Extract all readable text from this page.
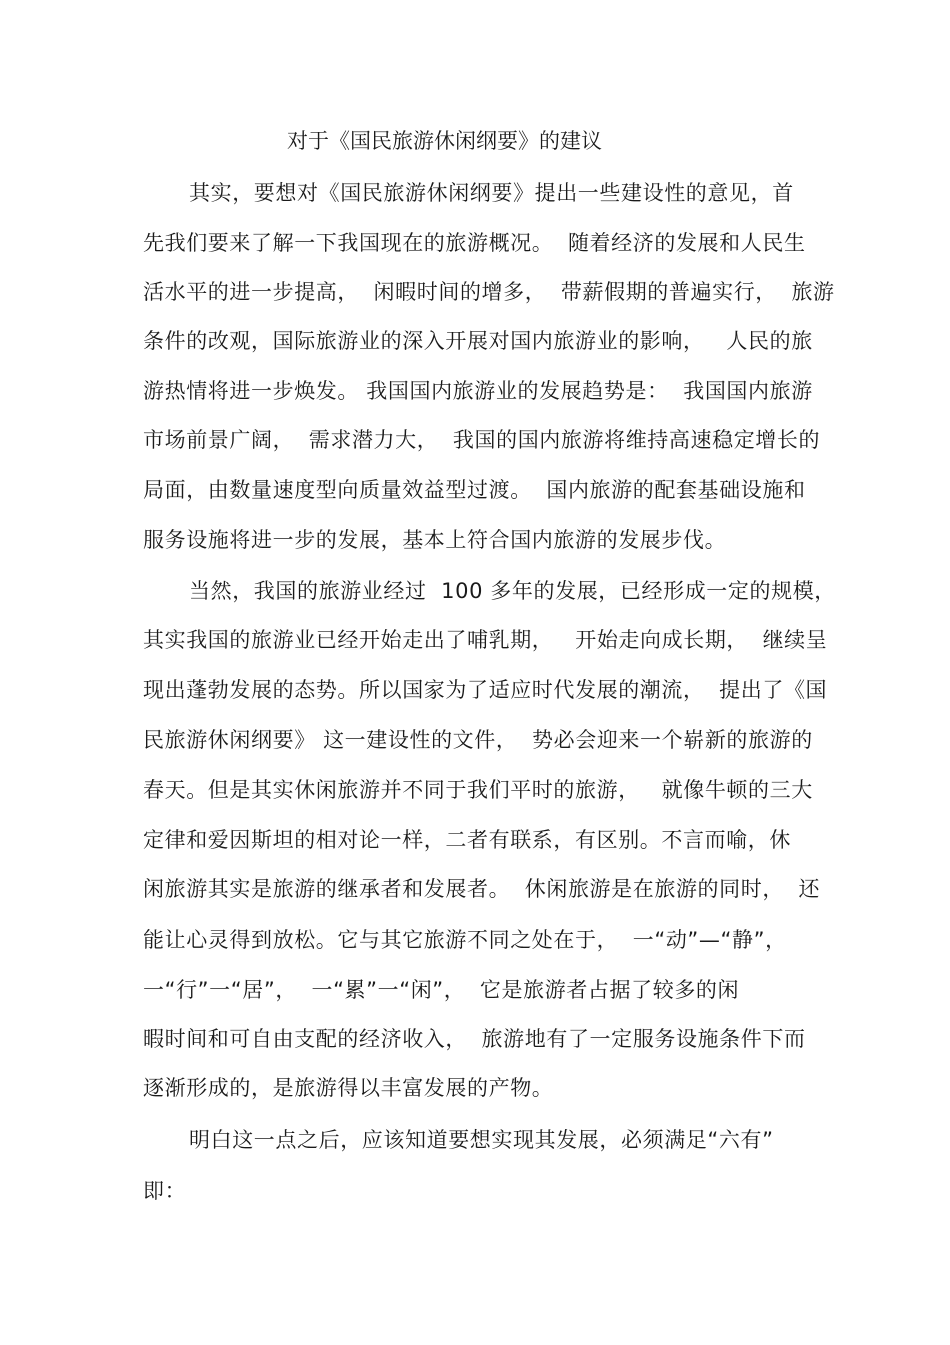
对于《国民旅游休闲纲要》的建议
其实，要想对《国民旅游休闲纲要》提出一些建设性的意见，首
先我们要来了解一下我国现在的旅游概况。  随着经济的发展和人民生
活水平的进一步提高，  闲暇时间的增多，  带薪假期的普遍实行，  旅游
条件的改观，国际旅游业的深入开展对国内旅游业的影响，   人民的旅
游热情将进一步焕发。 我国国内旅游业的发展趋势是：  我国国内旅游
市场前景广阔，  需求潜力大，  我国的国内旅游将维持高速稳定增长的
局面，由数量速度型向质量效益型过渡。  国内旅游的配套基础设施和
服务设施将进一步的发展，基本上符合国内旅游的发展步伐。
当然，我国的旅游业经过  100 多年的发展，已经形成一定的规模，
其实我国的旅游业已经开始走出了哺乳期，   开始走向成长期，  继续呈
现出蓬勃发展的态势。所以国家为了适应时代发展的潮流，  提出了《国
民旅游休闲纲要》 这一建设性的文件，  势必会迎来一个崭新的旅游的
春天。但是其实休闲旅游并不同于我们平时的旅游，   就像牛顿的三大
定律和爱因斯坦的相对论一样，二者有联系，有区别。不言而喻，休
闲旅游其实是旅游的继承者和发展者。  休闲旅游是在旅游的同时，  还
能让心灵得到放松。它与其它旅游不同之处在于，  一“动”—“静”，
一“行”一“居”，  一“累”一“闲”，  它是旅游者占据了较多的闲
暇时间和可自由支配的经济收入，  旅游地有了一定服务设施条件下而
逐渐形成的，是旅游得以丰富发展的产物。
明白这一点之后，应该知道要想实现其发展，必须满足“六有”
即：
